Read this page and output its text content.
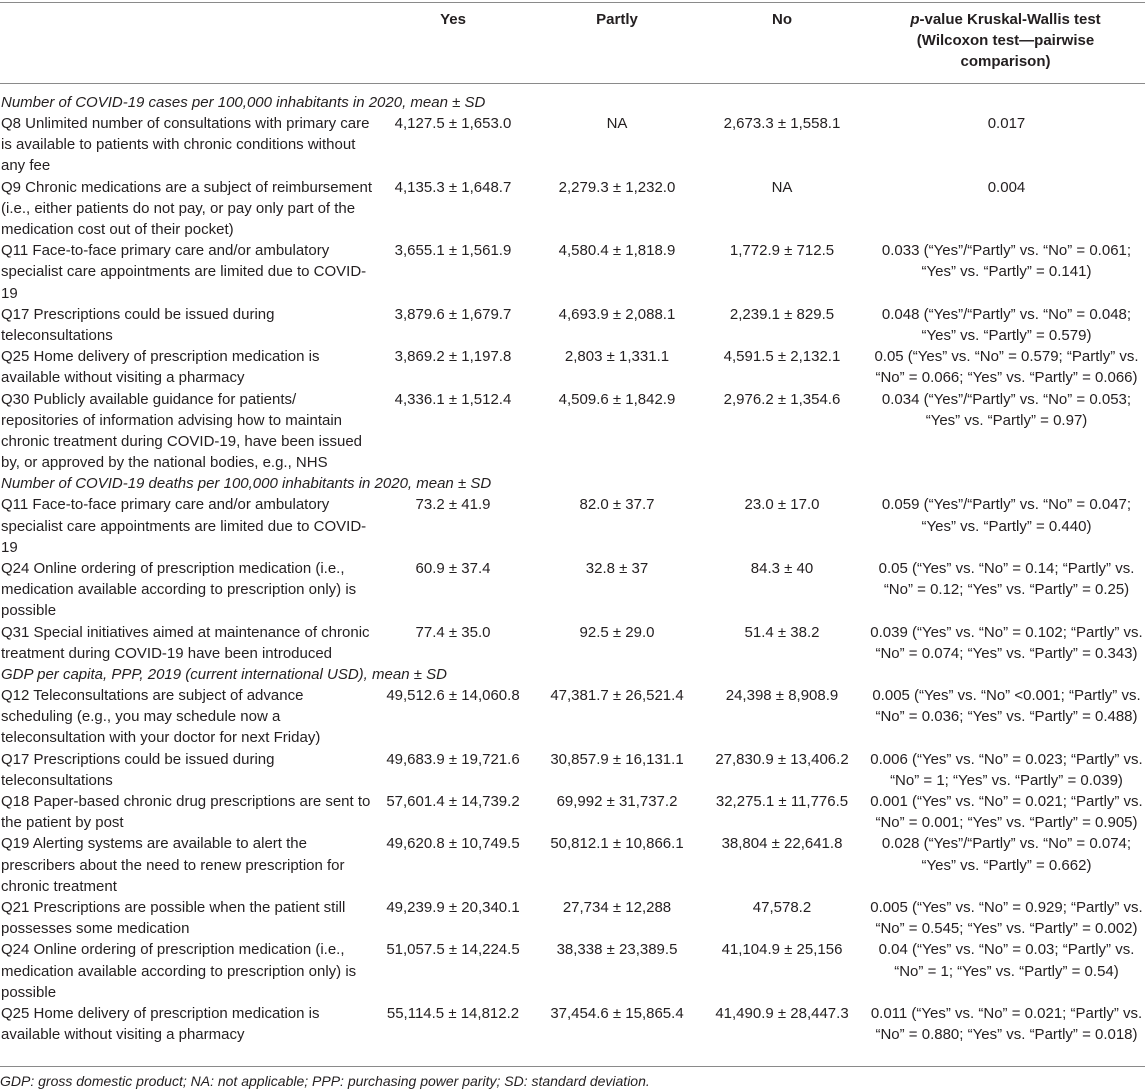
Yes	Partly	No	p-value Kruskal-Wallis test
(Wilcoxon test—pairwise
comparison)
Number of COVID-19 cases per 100,000 inhabitants in 2020, mean ± SD
Q8 Unlimited number of consultations with primary care is available to patients with chronic conditions without any fee
4,127.5 ± 1,653.0	NA	2,673.3 ± 1,558.1	0.017
Q9 Chronic medications are a subject of reimbursement (i.e., either patients do not pay, or pay only part of the medication cost out of their pocket)
4,135.3 ± 1,648.7	2,279.3 ± 1,232.0	NA	0.004
Q11 Face-to-face primary care and/or ambulatory specialist care appointments are limited due to COVID-19
3,655.1 ± 1,561.9	4,580.4 ± 1,818.9	1,772.9 ± 712.5	0.033 (“Yes”/“Partly” vs. “No” = 0.061; “Yes” vs. “Partly” = 0.141)
Q17 Prescriptions could be issued during teleconsultations
3,879.6 ± 1,679.7	4,693.9 ± 2,088.1	2,239.1 ± 829.5	0.048 (“Yes”/“Partly” vs. “No” = 0.048; “Yes” vs. “Partly” = 0.579)
Q25 Home delivery of prescription medication is available without visiting a pharmacy
3,869.2 ± 1,197.8	2,803 ± 1,331.1	4,591.5 ± 2,132.1	0.05 (“Yes” vs. “No” = 0.579; “Partly” vs. “No” = 0.066; “Yes” vs. “Partly” = 0.066)
Q30 Publicly available guidance for patients/ repositories of information advising how to maintain chronic treatment during COVID-19, have been issued by, or approved by the national bodies, e.g., NHS
4,336.1 ± 1,512.4	4,509.6 ± 1,842.9	2,976.2 ± 1,354.6	0.034 (“Yes”/“Partly” vs. “No” = 0.053; “Yes” vs. “Partly” = 0.97)
Number of COVID-19 deaths per 100,000 inhabitants in 2020, mean ± SD
Q11 Face-to-face primary care and/or ambulatory specialist care appointments are limited due to COVID-19
73.2 ± 41.9	82.0 ± 37.7	23.0 ± 17.0	0.059 (“Yes”/“Partly” vs. “No” = 0.047; “Yes” vs. “Partly” = 0.440)
Q24 Online ordering of prescription medication (i.e., medication available according to prescription only) is possible
60.9 ± 37.4	32.8 ± 37	84.3 ± 40	0.05 (“Yes” vs. “No” = 0.14; “Partly” vs. “No” = 0.12; “Yes” vs. “Partly” = 0.25)
Q31 Special initiatives aimed at maintenance of chronic treatment during COVID-19 have been introduced
77.4 ± 35.0	92.5 ± 29.0	51.4 ± 38.2	0.039 (“Yes” vs. “No” = 0.102; “Partly” vs. “No” = 0.074; “Yes” vs. “Partly” = 0.343)
GDP per capita, PPP, 2019 (current international USD), mean ± SD
Q12 Teleconsultations are subject of advance scheduling (e.g., you may schedule now a teleconsultation with your doctor for next Friday)
49,512.6 ± 14,060.8	47,381.7 ± 26,521.4	24,398 ± 8,908.9	0.005 (“Yes” vs. “No” <0.001; “Partly” vs. “No” = 0.036; “Yes” vs. “Partly” = 0.488)
Q17 Prescriptions could be issued during teleconsultations
49,683.9 ± 19,721.6	30,857.9 ± 16,131.1	27,830.9 ± 13,406.2	0.006 (“Yes” vs. “No” = 0.023; “Partly” vs. “No” = 1; “Yes” vs. “Partly” = 0.039)
Q18 Paper-based chronic drug prescriptions are sent to the patient by post
57,601.4 ± 14,739.2	69,992 ± 31,737.2	32,275.1 ± 11,776.5	0.001 (“Yes” vs. “No” = 0.021; “Partly” vs. “No” = 0.001; “Yes” vs. “Partly” = 0.905)
Q19 Alerting systems are available to alert the prescribers about the need to renew prescription for chronic treatment
49,620.8 ± 10,749.5	50,812.1 ± 10,866.1	38,804 ± 22,641.8	0.028 (“Yes”/“Partly” vs. “No” = 0.074; “Yes” vs. “Partly” = 0.662)
Q21 Prescriptions are possible when the patient still possesses some medication
49,239.9 ± 20,340.1	27,734 ± 12,288	47,578.2	0.005 (“Yes” vs. “No” = 0.929; “Partly” vs. “No” = 0.545; “Yes” vs. “Partly” = 0.002)
Q24 Online ordering of prescription medication (i.e., medication available according to prescription only) is possible
51,057.5 ± 14,224.5	38,338 ± 23,389.5	41,104.9 ± 25,156	0.04 (“Yes” vs. “No” = 0.03; “Partly” vs. “No” = 1; “Yes” vs. “Partly” = 0.54)
Q25 Home delivery of prescription medication is available without visiting a pharmacy
55,114.5 ± 14,812.2	37,454.6 ± 15,865.4	41,490.9 ± 28,447.3	0.011 (“Yes” vs. “No” = 0.021; “Partly” vs. “No” = 0.880; “Yes” vs. “Partly” = 0.018)
GDP: gross domestic product; NA: not applicable; PPP: purchasing power parity; SD: standard deviation.
